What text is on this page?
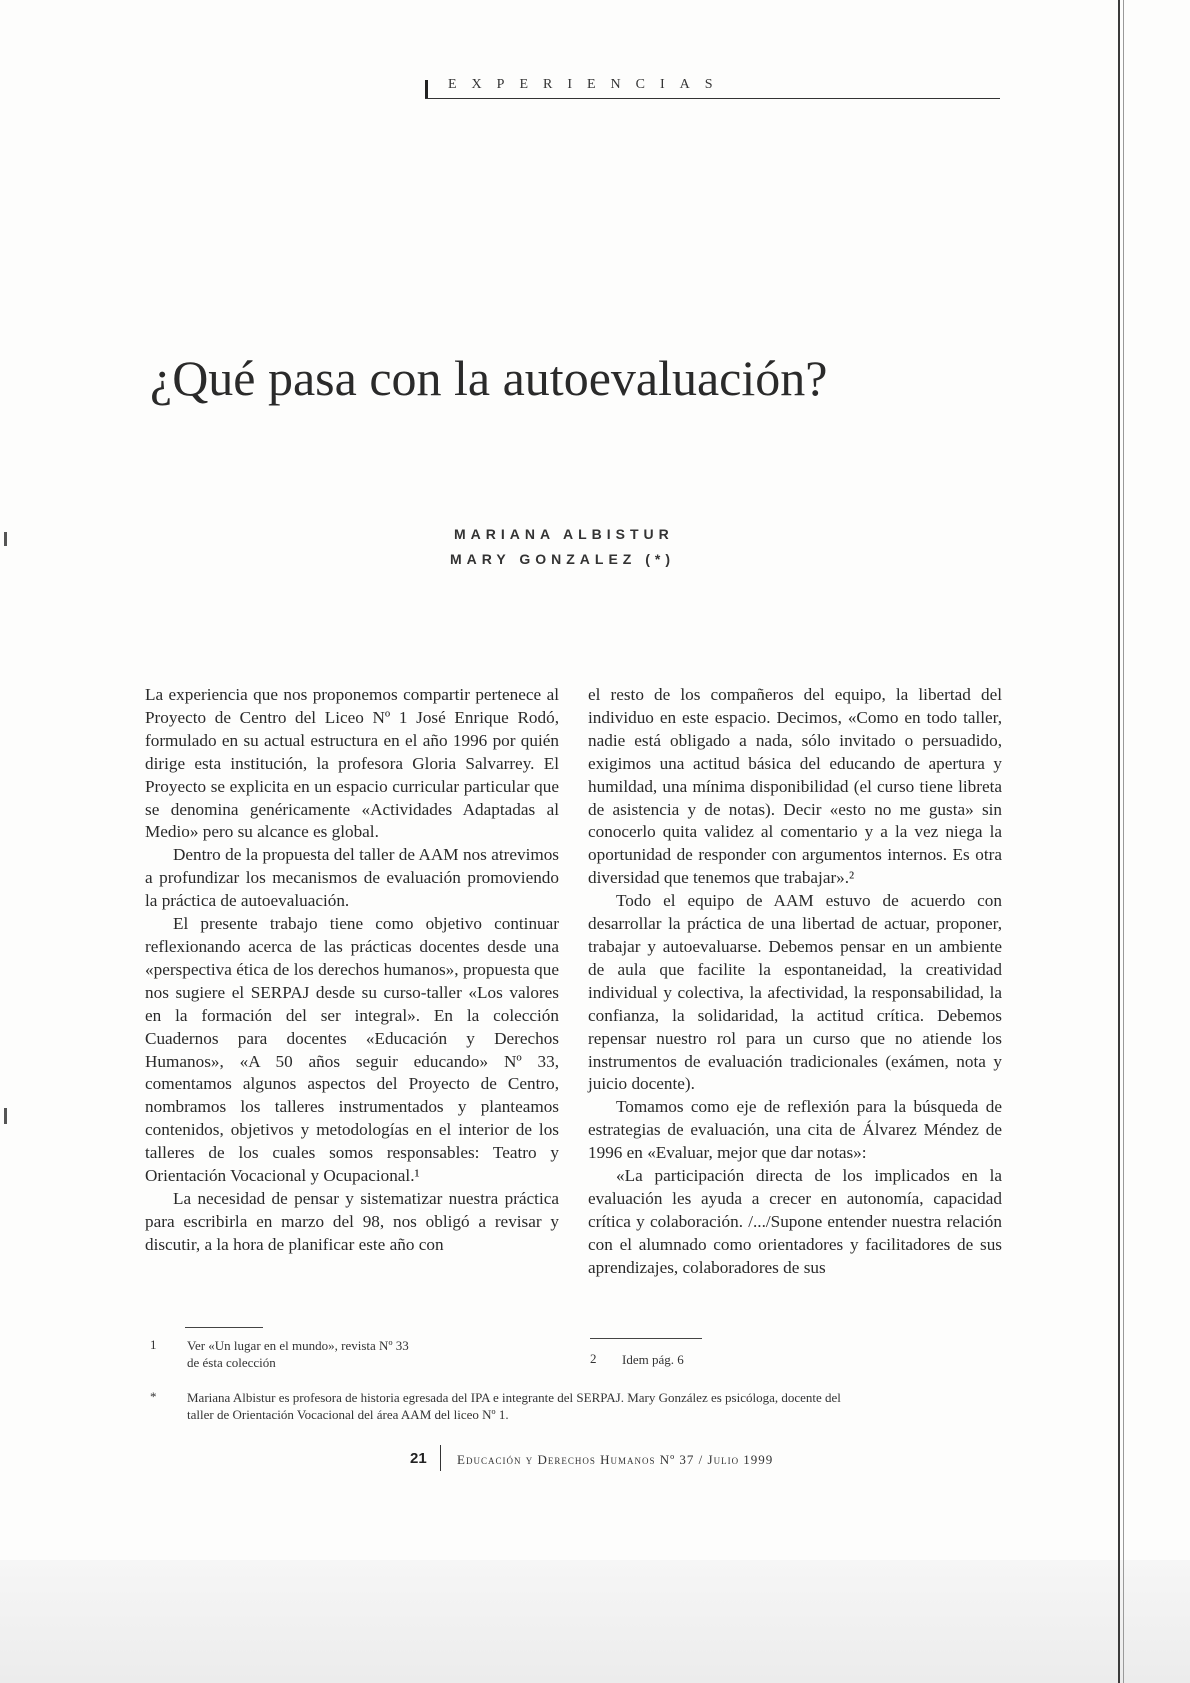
EXPERIENCIAS
¿Qué pasa con la autoevaluación?
MARIANA ALBISTUR
MARY GONZALEZ (*)

La experiencia que nos proponemos compartir pertenece al Proyecto de Centro del Liceo Nº 1 José Enrique Rodó, formulado en su actual estructura en el año 1996 por quién dirige esta institución, la profesora Gloria Salvarrey. El Proyecto se explicita en un espacio curricular particular que se denomina genéricamente «Actividades Adaptadas al Medio» pero su alcance es global.

Dentro de la propuesta del taller de AAM nos atrevimos a profundizar los mecanismos de evaluación promoviendo la práctica de autoevaluación.

El presente trabajo tiene como objetivo continuar reflexionando acerca de las prácticas docentes desde una «perspectiva ética de los derechos humanos», propuesta que nos sugiere el SERPAJ desde su curso-taller «Los valores en la formación del ser integral». En la colección Cuadernos para docentes «Educación y Derechos Humanos», «A 50 años seguir educando» Nº 33, comentamos algunos aspectos del Proyecto de Centro, nombramos los talleres instrumentados y planteamos contenidos, objetivos y metodologías en el interior de los talleres de los cuales somos responsables: Teatro y Orientación Vocacional y Ocupacional.¹

La necesidad de pensar y sistematizar nuestra práctica para escribirla en marzo del 98, nos obligó a revisar y discutir, a la hora de planificar este año con

el resto de los compañeros del equipo, la libertad del individuo en este espacio. Decimos, «Como en todo taller, nadie está obligado a nada, sólo invitado o persuadido, exigimos una actitud básica del educando de apertura y humildad, una mínima disponibilidad (el curso tiene libreta de asistencia y de notas). Decir «esto no me gusta» sin conocerlo quita validez al comentario y a la vez niega la oportunidad de responder con argumentos internos. Es otra diversidad que tenemos que trabajar».²

Todo el equipo de AAM estuvo de acuerdo con desarrollar la práctica de una libertad de actuar, proponer, trabajar y autoevaluarse. Debemos pensar en un ambiente de aula que facilite la espontaneidad, la creatividad individual y colectiva, la afectividad, la responsabilidad, la confianza, la solidaridad, la actitud crítica. Debemos repensar nuestro rol para un curso que no atiende los instrumentos de evaluación tradicionales (exámen, nota y juicio docente).

Tomamos como eje de reflexión para la búsqueda de estrategias de evaluación, una cita de Álvarez Méndez de 1996 en «Evaluar, mejor que dar notas»:

«La participación directa de los implicados en la evaluación les ayuda a crecer en autonomía, capacidad crítica y colaboración. /.../Supone entender nuestra relación con el alumnado como orientadores y facilitadores de sus aprendizajes, colaboradores de sus

1 Ver «Un lugar en el mundo», revista Nº 33
de ésta colección	2 Idem pág. 6
* Mariana Albistur es profesora de historia egresada del IPA e integrante del SERPAJ. Mary González es psicóloga, docente del
taller de Orientación Vocacional del área AAM del liceo Nº 1.
21 Educación y Derechos Humanos Nº 37 / Julio 1999
